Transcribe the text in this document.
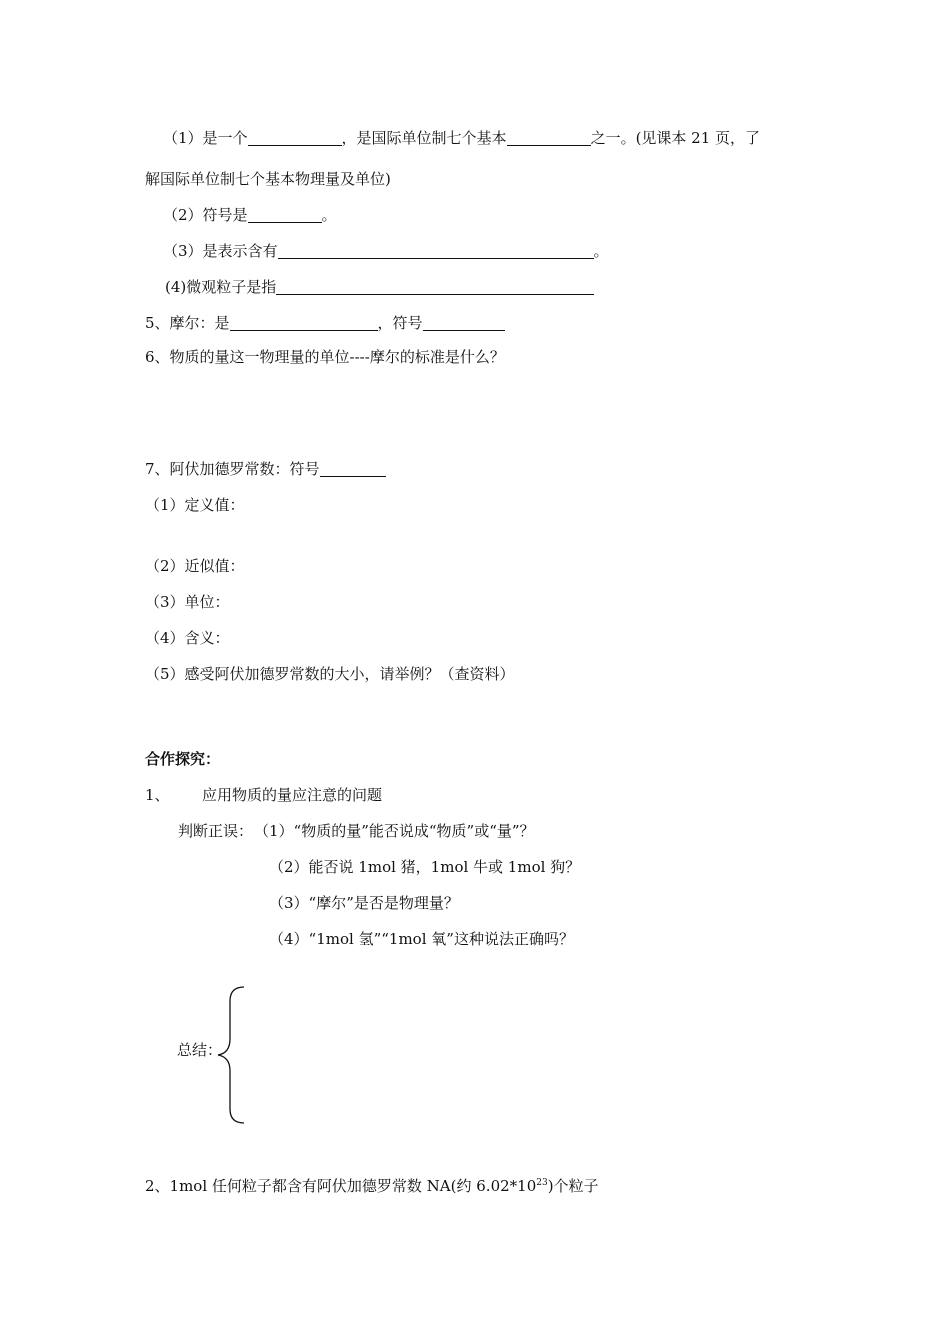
（1）是一个	，是国际单位制七个基本	之一。(见课本 21 页，了
解国际单位制七个基本物理量及单位)
（2）符号是	。
（3）是表示含有	。
(4)微观粒子是指
5、摩尔：是	，符号
6、物质的量这一物理量的单位----摩尔的标准是什么？
7、阿伏加德罗常数：符号
（1）定义值：
（2）近似值：
（3）单位：
（4）含义：
（5）感受阿伏加德罗常数的大小，请举例？（查资料）
合作探究：
1、 应用物质的量应注意的问题
判断正误： （1）“物质的量”能否说成“物质”或“量”？
（2）能否说 1mol 猪，1mol 牛或 1mol 狗？
（3）“摩尔”是否是物理量？
（4）“1mol 氢”“1mol 氧”这种说法正确吗？
总结：
2、1mol 任何粒子都含有阿伏加德罗常数 NA(约 $6.02*10^{23}$)个粒子
